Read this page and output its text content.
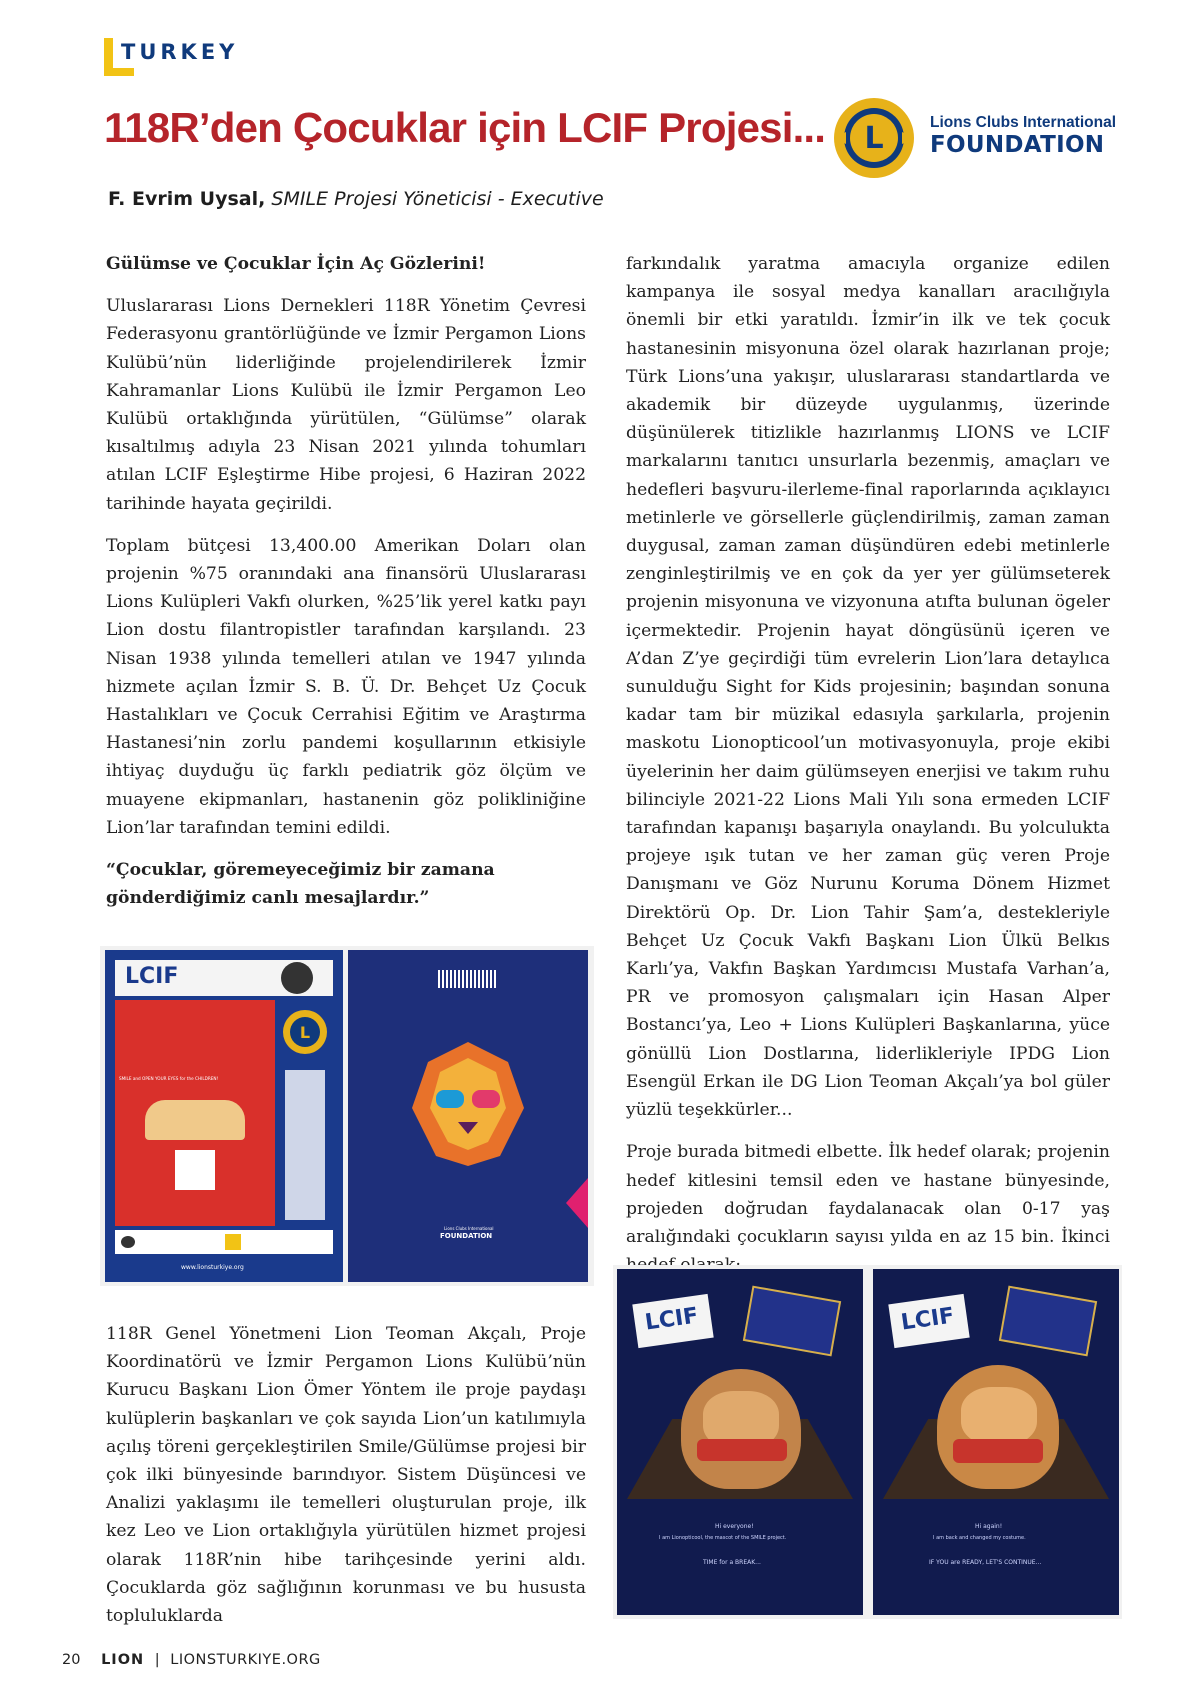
TURKEY
118R’den Çocuklar için LCIF Projesi... L	Lions Clubs International
FOUNDATION
F. Evrim Uysal, SMILE Projesi Yöneticisi - Executive
Gülümse ve Çocuklar İçin Aç Gözlerini!

Uluslararası Lions Dernekleri 118R Yönetim Çevresi Federasyonu grantörlüğünde ve İzmir Pergamon Lions Kulübü’nün liderliğinde projelendirilerek İzmir Kahramanlar Lions Kulübü ile İzmir Pergamon Leo Kulübü ortaklığında yürütülen, “Gülümse” olarak kısaltılmış adıyla 23 Nisan 2021 yılında tohumları atılan LCIF Eşleştirme Hibe projesi, 6 Haziran 2022 tarihinde hayata geçirildi.

Toplam bütçesi 13,400.00 Amerikan Doları olan projenin %75 oranındaki ana finansörü Uluslararası Lions Kulüpleri Vakfı olurken, %25’lik yerel katkı payı Lion dostu filantropistler tarafından karşılandı. 23 Nisan 1938 yılında temelleri atılan ve 1947 yılında hizmete açılan İzmir S. B. Ü. Dr. Behçet Uz Çocuk Hastalıkları ve Çocuk Cerrahisi Eğitim ve Araştırma Hastanesi’nin zorlu pandemi koşullarının etkisiyle ihtiyaç duyduğu üç farklı pediatrik göz ölçüm ve muayene ekipmanları, hastanenin göz polikliniğine Lion’lar tarafından temini edildi.

“Çocuklar, göremeyeceğimiz bir zamana gönderdiğimiz canlı mesajlardır.”
LCIF
SMILE and OPEN YOUR EYES for the CHILDREN!
L
www.lionsturkiye.org
Lions Clubs International
FOUNDATION

118R Genel Yönetmeni Lion Teoman Akçalı, Proje Koordinatörü ve İzmir Pergamon Lions Kulübü’nün Kurucu Başkanı Lion Ömer Yöntem ile proje paydaşı kulüplerin başkanları ve çok sayıda Lion’un katılımıyla açılış töreni gerçekleştirilen Smile/Gülümse projesi bir çok ilki bünyesinde barındıyor. Sistem Düşüncesi ve Analizi yaklaşımı ile temelleri oluşturulan proje, ilk kez Leo ve Lion ortaklığıyla yürütülen hizmet projesi olarak 118R’nin hibe tarihçesinde yerini aldı. Çocuklarda göz sağlığının korunması ve bu hususta topluluklarda

farkındalık yaratma amacıyla organize edilen kampanya ile sosyal medya kanalları aracılığıyla önemli bir etki yaratıldı. İzmir’in ilk ve tek çocuk hastanesinin misyonuna özel olarak hazırlanan proje; Türk Lions’una yakışır, uluslararası standartlarda ve akademik bir düzeyde uygulanmış, üzerinde düşünülerek titizlikle hazırlanmış LIONS ve LCIF markalarını tanıtıcı unsurlarla bezenmiş, amaçları ve hedefleri başvuru-ilerleme-final raporlarında açıklayıcı metinlerle ve görsellerle güçlendirilmiş, zaman zaman duygusal, zaman zaman düşündüren edebi metinlerle zenginleştirilmiş ve en çok da yer yer gülümseterek projenin misyonuna ve vizyonuna atıfta bulunan ögeler içermektedir. Projenin hayat döngüsünü içeren ve A’dan Z’ye geçirdiği tüm evrelerin Lion’lara detaylıca sunulduğu Sight for Kids projesinin; başından sonuna kadar tam bir müzikal edasıyla şarkılarla, projenin maskotu Lionopticool’un motivasyonuyla, proje ekibi üyelerinin her daim gülümseyen enerjisi ve takım ruhu bilinciyle 2021-22 Lions Mali Yılı sona ermeden LCIF tarafından kapanışı başarıyla onaylandı. Bu yolculukta projeye ışık tutan ve her zaman güç veren Proje Danışmanı ve Göz Nurunu Koruma Dönem Hizmet Direktörü Op. Dr. Lion Tahir Şam’a, destekleriyle Behçet Uz Çocuk Vakfı Başkanı Lion Ülkü Belkıs Karlı’ya, Vakfın Başkan Yardımcısı Mustafa Varhan’a, PR ve promosyon çalışmaları için Hasan Alper Bostancı’ya, Leo + Lions Kulüpleri Başkanlarına, yüce gönüllü Lion Dostlarına, liderlikleriyle IPDG Lion Esengül Erkan ile DG Lion Teoman Akçalı’ya bol güler yüzlü teşekkürler...

Proje burada bitmedi elbette. İlk hedef olarak; projenin hedef kitlesini temsil eden ve hastane bünyesinde, projeden doğrudan faydalanacak olan 0-17 yaş aralığındaki çocukların sayısı yılda en az 15 bin. İkinci

LCIF
Hi everyone!
I am Lionopticool, the mascot of the SMILE project.
TIME for a BREAK...
LCIF
Hi again!
I am back and changed my costume.
IF YOU are READY, LET'S CONTINUE...
20 LION | LIONSTURKIYE.ORG
